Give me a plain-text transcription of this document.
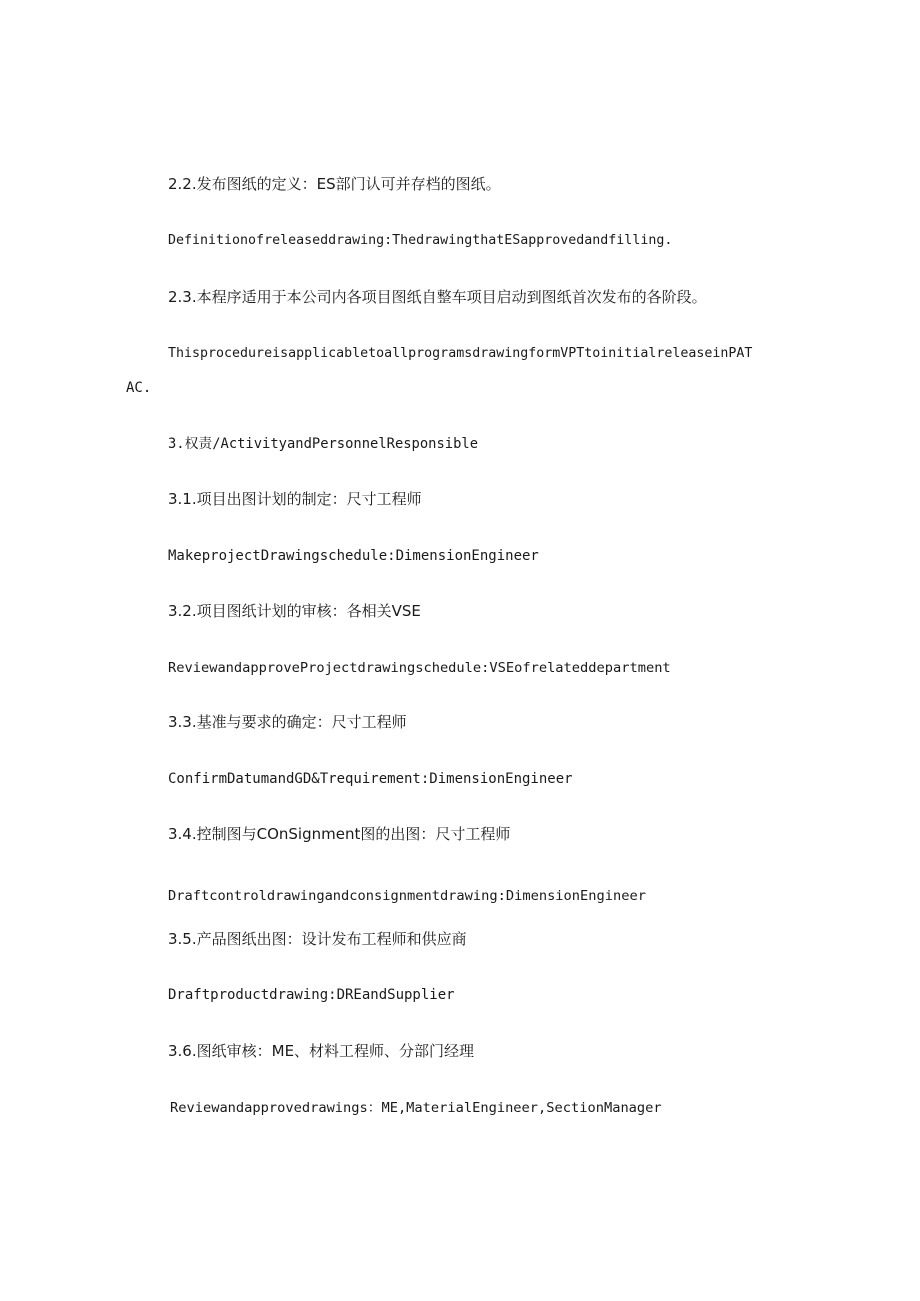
2.2.发布图纸的定义：ES部门认可并存档的图纸。

Definitionofreleaseddrawing:ThedrawingthatESapprovedandfilling.

2.3.本程序适用于本公司内各项目图纸自整车项目启动到图纸首次发布的各阶段。

ThisprocedureisapplicabletoallprogramsdrawingformVPTtoinitialreleaseinPAT

AC.

3.权责/ActivityandPersonnelResponsible

3.1.项目出图计划的制定：尺寸工程师

MakeprojectDrawingschedule:DimensionEngineer

3.2.项目图纸计划的审核：各相关VSE

ReviewandapproveProjectdrawingschedule:VSEofrelateddepartment

3.3.基准与要求的确定：尺寸工程师

ConfirmDatumandGD&Trequirement:DimensionEngineer

3.4.控制图与COnSignment图的出图：尺寸工程师

Draftcontroldrawingandconsignmentdrawing:DimensionEngineer

3.5.产品图纸出图：设计发布工程师和供应商

Draftproductdrawing:DREandSupplier

3.6.图纸审核：ME、材料工程师、分部门经理

Reviewandapprovedrawings：ME,MaterialEngineer,SectionManager
